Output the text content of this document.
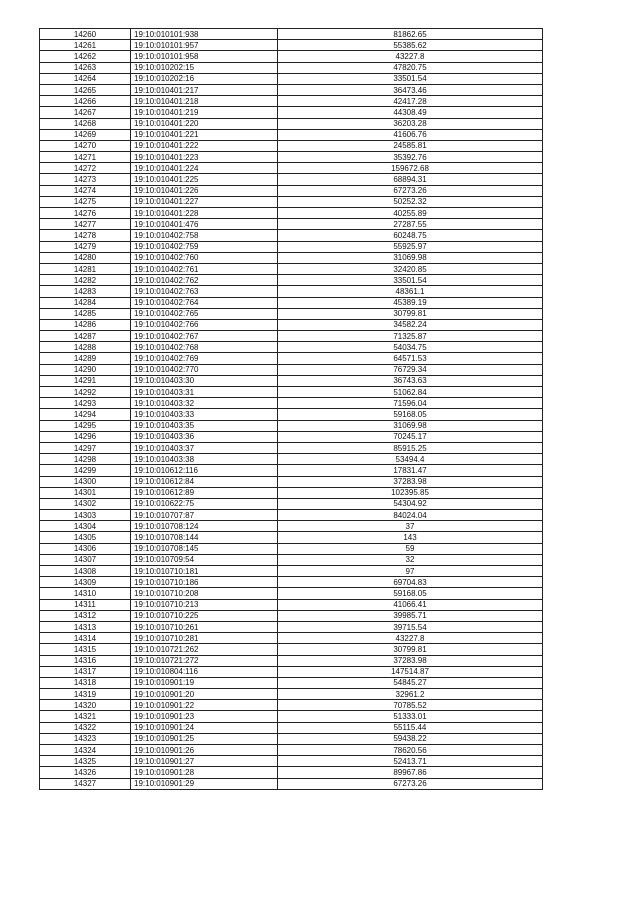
14260	19:10:010101:938	81862.65
14261	19:10:010101:957	55385.62
14262	19:10:010101:958	43227.8
14263	19:10:010202:15	47820.75
14264	19:10:010202:16	33501.54
14265	19:10:010401:217	36473.46
14266	19:10:010401:218	42417.28
14267	19:10:010401:219	44308.49
14268	19:10:010401:220	36203.28
14269	19:10:010401:221	41606.76
14270	19:10:010401:222	24585.81
14271	19:10:010401:223	35392.76
14272	19:10:010401:224	159672.68
14273	19:10:010401:225	68894.31
14274	19:10:010401:226	67273.26
14275	19:10:010401:227	50252.32
14276	19:10:010401:228	40255.89
14277	19:10:010401:476	27287.55
14278	19:10:010402:758	60248.75
14279	19:10:010402:759	55925.97
14280	19:10:010402:760	31069.98
14281	19:10:010402:761	32420.85
14282	19:10:010402:762	33501.54
14283	19:10:010402:763	48361.1
14284	19:10:010402:764	45389.19
14285	19:10:010402:765	30799.81
14286	19:10:010402:766	34582.24
14287	19:10:010402:767	71325.87
14288	19:10:010402:768	54034.75
14289	19:10:010402:769	64571.53
14290	19:10:010402:770	76729.34
14291	19:10:010403:30	36743.63
14292	19:10:010403:31	51062.84
14293	19:10:010403:32	71596.04
14294	19:10:010403:33	59168.05
14295	19:10:010403:35	31069.98
14296	19:10:010403:36	70245.17
14297	19:10:010403:37	85915.25
14298	19:10:010403:38	53494.4
14299	19:10:010612:116	17831.47
14300	19:10:010612:84	37283.98
14301	19:10:010612:89	102395.85
14302	19:10:010622:75	54304.92
14303	19:10:010707:87	84024.04
14304	19:10:010708:124	37
14305	19:10:010708:144	143
14306	19:10:010708:145	59
14307	19:10:010709:54	32
14308	19:10:010710:181	97
14309	19:10:010710:186	69704.83
14310	19:10:010710:208	59168.05
14311	19:10:010710:213	41066.41
14312	19:10:010710:225	39985.71
14313	19:10:010710:261	39715.54
14314	19:10:010710:281	43227.8
14315	19:10:010721:262	30799.81
14316	19:10:010721:272	37283.98
14317	19:10:010804:116	147514.87
14318	19:10:010901:19	54845.27
14319	19:10:010901:20	32961.2
14320	19:10:010901:22	70785.52
14321	19:10:010901:23	51333.01
14322	19:10:010901:24	55115.44
14323	19:10:010901:25	59438.22
14324	19:10:010901:26	78620.56
14325	19:10:010901:27	52413.71
14326	19:10:010901:28	89967.86
14327	19:10:010901:29	67273.26
